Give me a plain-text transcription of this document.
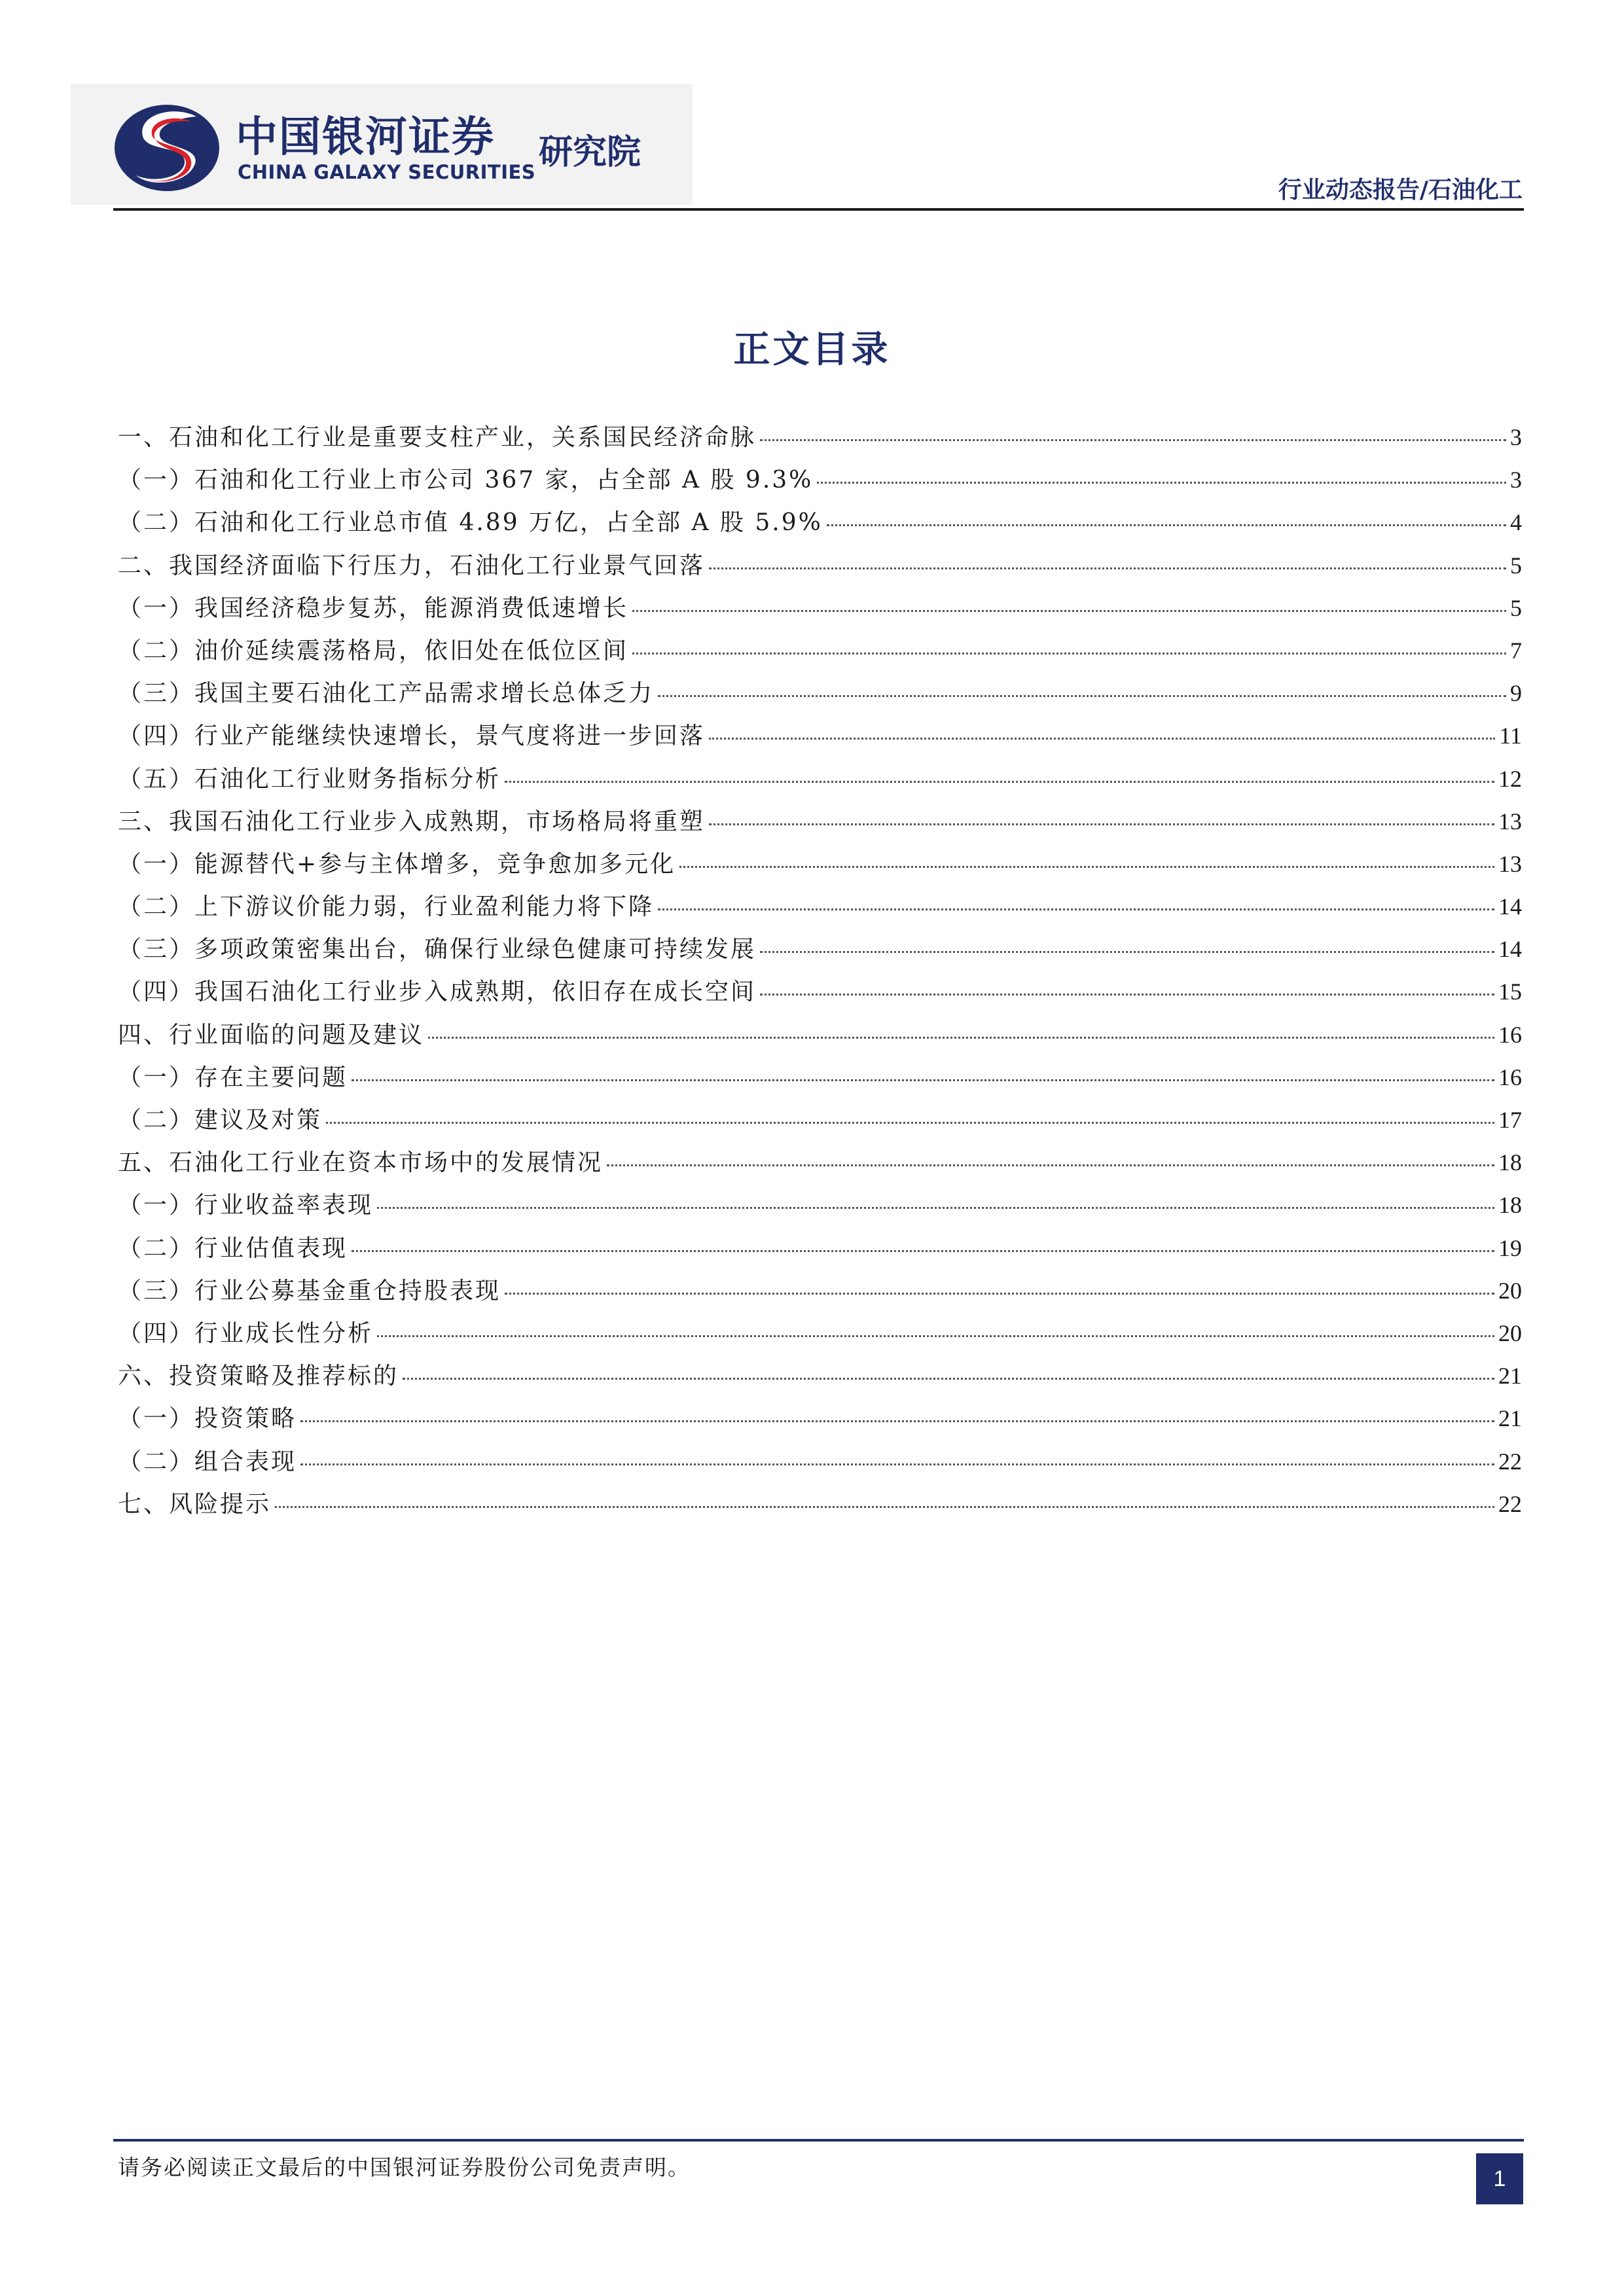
中国银河证券
CHINA GALAXY SECURITIES 研究院
行业动态报告/石油化工
正文目录
一、石油和化工行业是重要支柱产业，关系国民经济命脉	3
（一）石油和化工行业上市公司 367 家，占全部 A 股 9.3%	3
（二）石油和化工行业总市值 4.89 万亿，占全部 A 股 5.9%	4
二、我国经济面临下行压力，石油化工行业景气回落	5
（一）我国经济稳步复苏，能源消费低速增长	5
（二）油价延续震荡格局，依旧处在低位区间	7
（三）我国主要石油化工产品需求增长总体乏力	9
（四）行业产能继续快速增长，景气度将进一步回落	11
（五）石油化工行业财务指标分析	12
三、我国石油化工行业步入成熟期，市场格局将重塑	13
（一）能源替代+参与主体增多，竞争愈加多元化	13
（二）上下游议价能力弱，行业盈利能力将下降	14
（三）多项政策密集出台，确保行业绿色健康可持续发展	14
（四）我国石油化工行业步入成熟期，依旧存在成长空间	15
四、行业面临的问题及建议	16
（一）存在主要问题	16
（二）建议及对策	17
五、石油化工行业在资本市场中的发展情况	18
（一）行业收益率表现	18
（二）行业估值表现	19
（三）行业公募基金重仓持股表现	20
（四）行业成长性分析	20
六、投资策略及推荐标的	21
（一）投资策略	21
（二）组合表现	22
七、风险提示	22
请务必阅读正文最后的中国银河证券股份公司免责声明。	1
